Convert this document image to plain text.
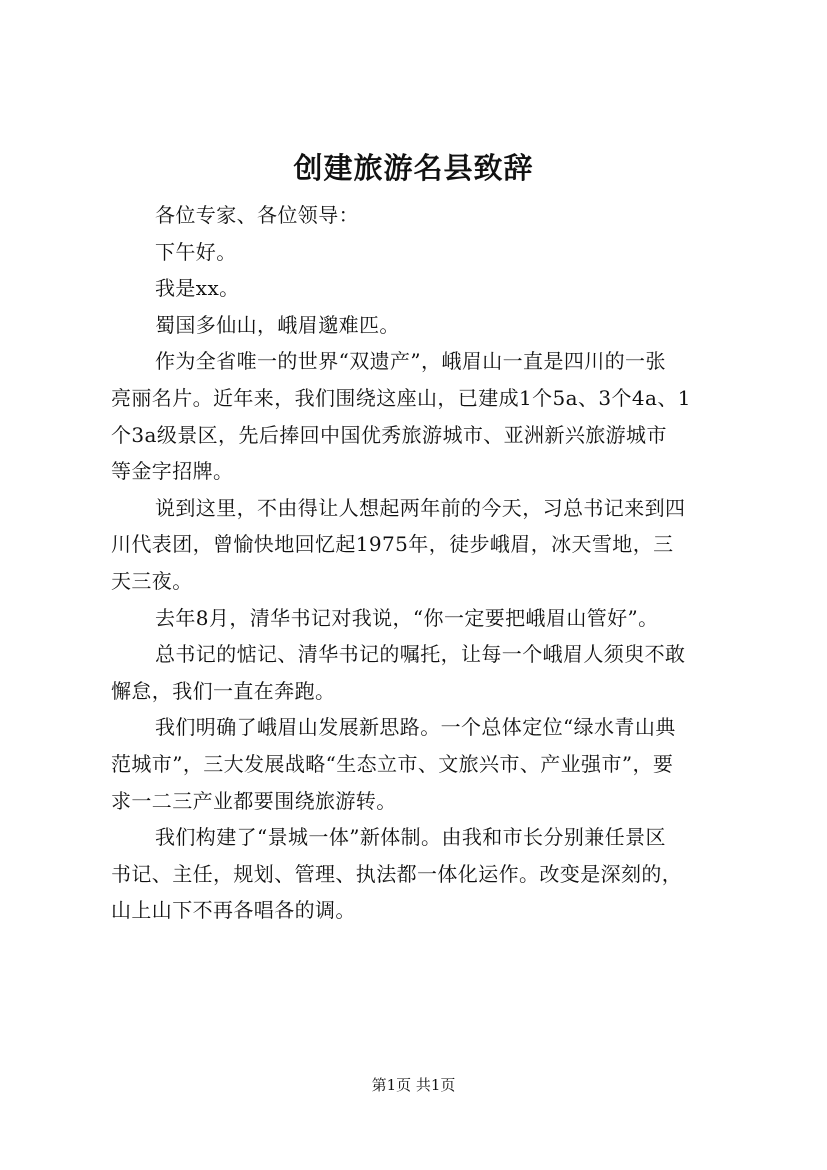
创建旅游名县致辞

各位专家、各位领导：

下午好。

我是xx。

蜀国多仙山，峨眉邈难匹。

作为全省唯一的世界“双遗产”，峨眉山一直是四川的一张
亮丽名片。近年来，我们围绕这座山，已建成1个5a、3个4a、1
个3a级景区，先后捧回中国优秀旅游城市、亚洲新兴旅游城市
等金字招牌。

说到这里，不由得让人想起两年前的今天，习总书记来到四
川代表团，曾愉快地回忆起1975年，徒步峨眉，冰天雪地，三
天三夜。

去年8月，清华书记对我说，“你一定要把峨眉山管好”。

总书记的惦记、清华书记的嘱托，让每一个峨眉人须臾不敢
懈怠，我们一直在奔跑。

我们明确了峨眉山发展新思路。一个总体定位“绿水青山典
范城市”，三大发展战略“生态立市、文旅兴市、产业强市”，要
求一二三产业都要围绕旅游转。

我们构建了“景城一体”新体制。由我和市长分别兼任景区
书记、主任，规划、管理、执法都一体化运作。改变是深刻的，
山上山下不再各唱各的调。

第1页 共1页
